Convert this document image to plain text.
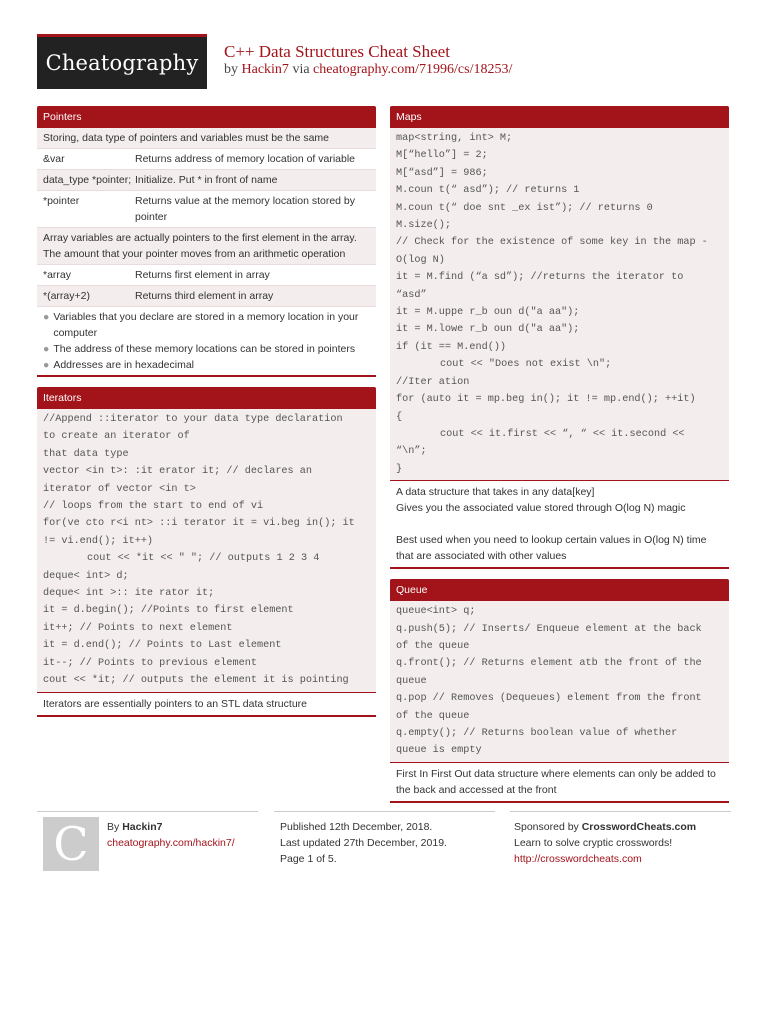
Cheatography C++ Data Structures Cheat Sheet
by Hackin7 via cheatography.com/71996/cs/18253/
Pointers
Storing, data type of pointers and variables must be the same
&var	Returns address of memory location of variable
data_type *pointer; Initialize. Put * in front of name
*pointer	Returns value at the memory location stored by pointer
Array variables are actually pointers to the first element in the array. The amount that your pointer moves from an arithmetic operation
*array	Returns first element in array
*(array+2)	Returns third element in array
● Variables that you declare are stored in a memory location in your computer
● The address of these memory locations can be stored in pointers
● Addresses are in hexadecimal
Iterators
//Append ::iterator to your data type declaration
to create an iterator of
that data type
vector <in t>: :it erator it; // declares an
iterator of vector <in t>
// loops from the start to end of vi
for(ve cto r<i nt> ::i terator it = vi.beg in(); it
!= vi.end(); it++)
cout << *it << " "; // outputs 1 2 3 4
deque< int> d;
deque< int >:: ite rator it;
it = d.begin(); //Points to first element
it++; // Points to next element
it = d.end(); // Points to Last element
it--; // Points to previous element
cout << *it; // outputs the element it is pointing
Iterators are essentially pointers to an STL data structure
Maps
map<string, int> M;
M[“hello”] = 2;
M[“asd”] = 986;
M.coun t(“ asd”); // returns 1
M.coun t(“ doe snt _ex ist”); // returns 0
M.size();
// Check for the existence of some key in the map -
O(log N)
it = M.find (“a sd”); //returns the iterator to
“asd”
it = M.uppe r_b oun d("a aa");
it = M.lowe r_b oun d("a aa");
if (it == M.end())
cout << "Does not exist \n";
//Iter ation
for (auto it = mp.beg in(); it != mp.end(); ++it)
{
cout << it.first << “, “ << it.second <<
“\n”;
}
A data structure that takes in any data[key]
Gives you the associated value stored through O(log N) magic
Best used when you need to lookup certain values in O(log N) time that are associated with other values
Queue
queue<int> q;
q.push(5); // Inserts/ Enqueue element at the back
of the queue
q.front(); // Returns element atb the front of the
queue
q.pop // Removes (Dequeues) element from the front
of the queue
q.empty(); // Returns boolean value of whether
queue is empty
First In First Out data structure where elements can only be added to the back and accessed at the front
C By Hackin7
cheatography.com/hackin7/
Published 12th December, 2018.
Last updated 27th December, 2019.
Page 1 of 5.
Sponsored by CrosswordCheats.com
Learn to solve cryptic crosswords!
http://crosswordcheats.com
